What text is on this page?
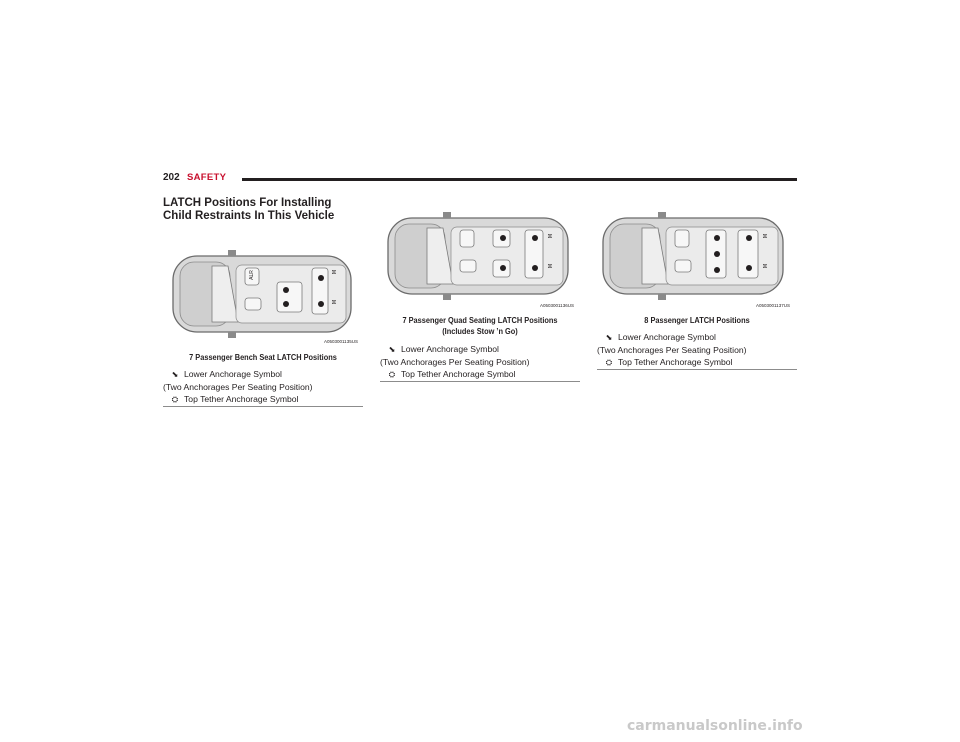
202 SAFETY
LATCH Positions For Installing Child Restraints In This Vehicle
⛝
⛝
ALR
A0503001135US
7 Passenger Bench Seat LATCH Positions
⬊ Lower Anchorage Symbol
(Two Anchorages Per Seating Position)
⛭ Top Tether Anchorage Symbol
⛝
⛝
A0503001136US
7 Passenger Quad Seating LATCH Positions
(Includes Stow ’n Go)
⬊ Lower Anchorage Symbol
(Two Anchorages Per Seating Position)
⛭ Top Tether Anchorage Symbol
⛝
⛝
A0503001137US
8 Passenger LATCH Positions
⬊ Lower Anchorage Symbol
(Two Anchorages Per Seating Position)
⛭ Top Tether Anchorage Symbol
carmanualsonline.info
